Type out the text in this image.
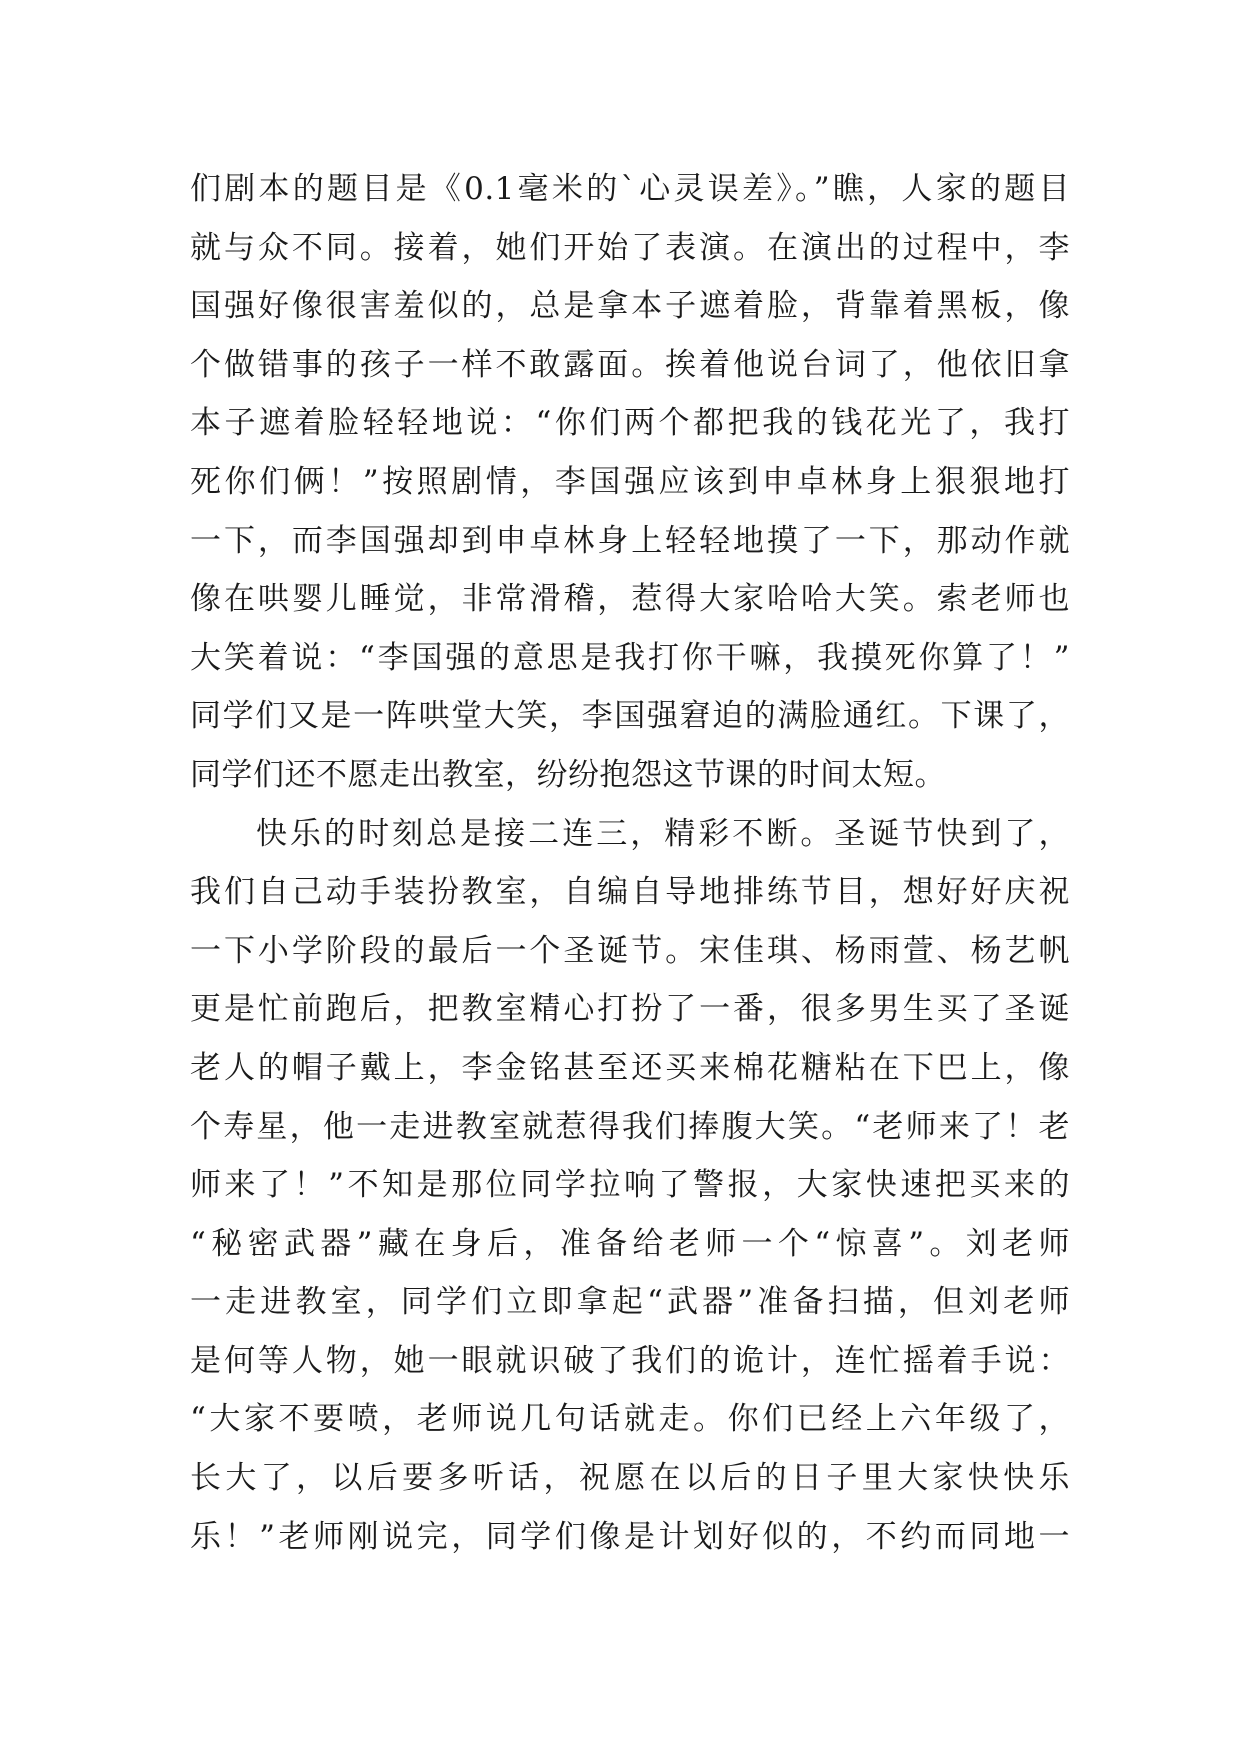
们剧本的题目是《0.1毫米的`心灵误差》。”瞧，人家的题目
就与众不同。接着，她们开始了表演。在演出的过程中，李
国强好像很害羞似的，总是拿本子遮着脸，背靠着黑板，像
个做错事的孩子一样不敢露面。挨着他说台词了，他依旧拿
本子遮着脸轻轻地说：“你们两个都把我的钱花光了，我打
死你们俩！”按照剧情，李国强应该到申卓林身上狠狠地打
一下，而李国强却到申卓林身上轻轻地摸了一下，那动作就
像在哄婴儿睡觉，非常滑稽，惹得大家哈哈大笑。索老师也
大笑着说：“李国强的意思是我打你干嘛，我摸死你算了！”
同学们又是一阵哄堂大笑，李国强窘迫的满脸通红。下课了，
同学们还不愿走出教室，纷纷抱怨这节课的时间太短。
快乐的时刻总是接二连三，精彩不断。圣诞节快到了，
我们自己动手装扮教室，自编自导地排练节目，想好好庆祝
一下小学阶段的最后一个圣诞节。宋佳琪、杨雨萱、杨艺帆
更是忙前跑后，把教室精心打扮了一番，很多男生买了圣诞
老人的帽子戴上，李金铭甚至还买来棉花糖粘在下巴上，像
个寿星，他一走进教室就惹得我们捧腹大笑。“老师来了！老
师来了！”不知是那位同学拉响了警报，大家快速把买来的
“秘密武器”藏在身后，准备给老师一个“惊喜”。刘老师
一走进教室，同学们立即拿起“武器”准备扫描，但刘老师
是何等人物，她一眼就识破了我们的诡计，连忙摇着手说：
“大家不要喷，老师说几句话就走。你们已经上六年级了，
长大了，以后要多听话，祝愿在以后的日子里大家快快乐
乐！”老师刚说完，同学们像是计划好似的，不约而同地一
